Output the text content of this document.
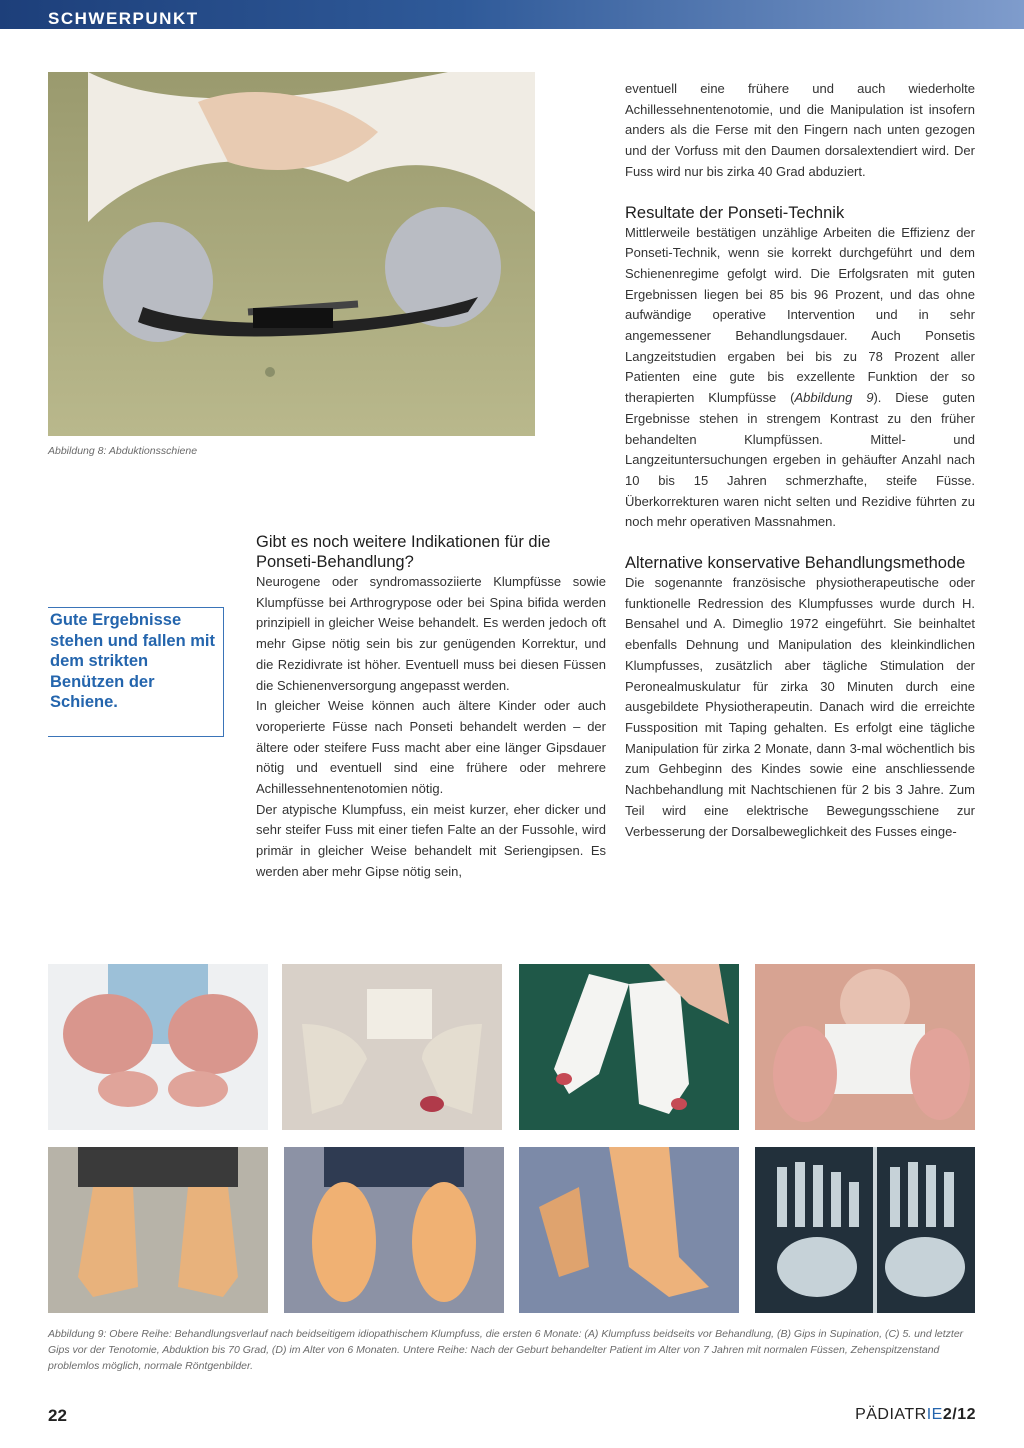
SCHWERPUNKT
Abbildung 8: Abduktionsschiene
Gute Ergebnisse stehen und fallen mit dem strikten Benützen der Schiene.
Gibt es noch weitere Indikationen für die Ponseti-Behandlung?

Neurogene oder syndromassoziierte Klumpfüsse sowie Klumpfüsse bei Arthrogrypose oder bei Spina bifida werden prinzipiell in gleicher Weise behandelt. Es werden jedoch oft mehr Gipse nötig sein bis zur genügenden Korrektur, und die Rezidivrate ist höher. Eventuell muss bei diesen Füssen die Schienenversorgung angepasst werden.

In gleicher Weise können auch ältere Kinder oder auch voroperierte Füsse nach Ponseti behandelt werden – der ältere oder steifere Fuss macht aber eine länger Gipsdauer nötig und eventuell sind eine frühere oder mehrere Achillessehnentenotomien nötig.

Der atypische Klumpfuss, ein meist kurzer, eher dicker und sehr steifer Fuss mit einer tiefen Falte an der Fussohle, wird primär in gleicher Weise behandelt mit Seriengipsen. Es werden aber mehr Gipse nötig sein,

eventuell eine frühere und auch wiederholte Achillessehnentenotomie, und die Manipulation ist insofern anders als die Ferse mit den Fingern nach unten gezogen und der Vorfuss mit den Daumen dorsalextendiert wird. Der Fuss wird nur bis zirka 40 Grad abduziert.

Resultate der Ponseti-Technik

Mittlerweile bestätigen unzählige Arbeiten die Effizienz der Ponseti-Technik, wenn sie korrekt durchgeführt und dem Schienenregime gefolgt wird. Die Erfolgsraten mit guten Ergebnissen liegen bei 85 bis 96 Prozent, und das ohne aufwändige operative Intervention und in sehr angemessener Behandlungsdauer. Auch Ponsetis Langzeitstudien ergaben bei bis zu 78 Prozent aller Patienten eine gute bis exzellente Funktion der so therapierten Klumpfüsse (Abbildung 9). Diese guten Ergebnisse stehen in strengem Kontrast zu den früher behandelten Klumpfüssen. Mittel- und Langzeituntersuchungen ergeben in gehäufter Anzahl nach 10 bis 15 Jahren schmerzhafte, steife Füsse. Überkorrekturen waren nicht selten und Rezidive führten zu noch mehr operativen Massnahmen.

Alternative konservative Behandlungsmethode

Die sogenannte französische physiotherapeutische oder funktionelle Redression des Klumpfusses wurde durch H. Bensahel und A. Dimeglio 1972 eingeführt. Sie beinhaltet ebenfalls Dehnung und Manipulation des kleinkindlichen Klumpfusses, zusätzlich aber tägliche Stimulation der Peronealmuskulatur für zirka 30 Minuten durch eine ausgebildete Physiotherapeutin. Danach wird die erreichte Fussposition mit Taping gehalten. Es erfolgt eine tägliche Manipulation für zirka 2 Monate, dann 3-mal wöchentlich bis zum Gehbeginn des Kindes sowie eine anschliessende Nachbehandlung mit Nachtschienen für 2 bis 3 Jahre. Zum Teil wird eine elektrische Bewegungsschiene zur Verbesserung der Dorsalbeweglichkeit des Fusses einge-

Abbildung 9: Obere Reihe: Behandlungsverlauf nach beidseitigem idiopathischem Klumpfuss, die ersten 6 Monate: (A) Klumpfuss beidseits vor Behandlung, (B) Gips in Supination, (C) 5. und letzter Gips vor der Tenotomie, Abduktion bis 70 Grad, (D) im Alter von 6 Monaten. Untere Reihe: Nach der Geburt behandelter Patient im Alter von 7 Jahren mit normalen Füssen, Zehenspitzenstand problemlos möglich, normale Röntgenbilder.
22	PÄDIATRIE2/12
